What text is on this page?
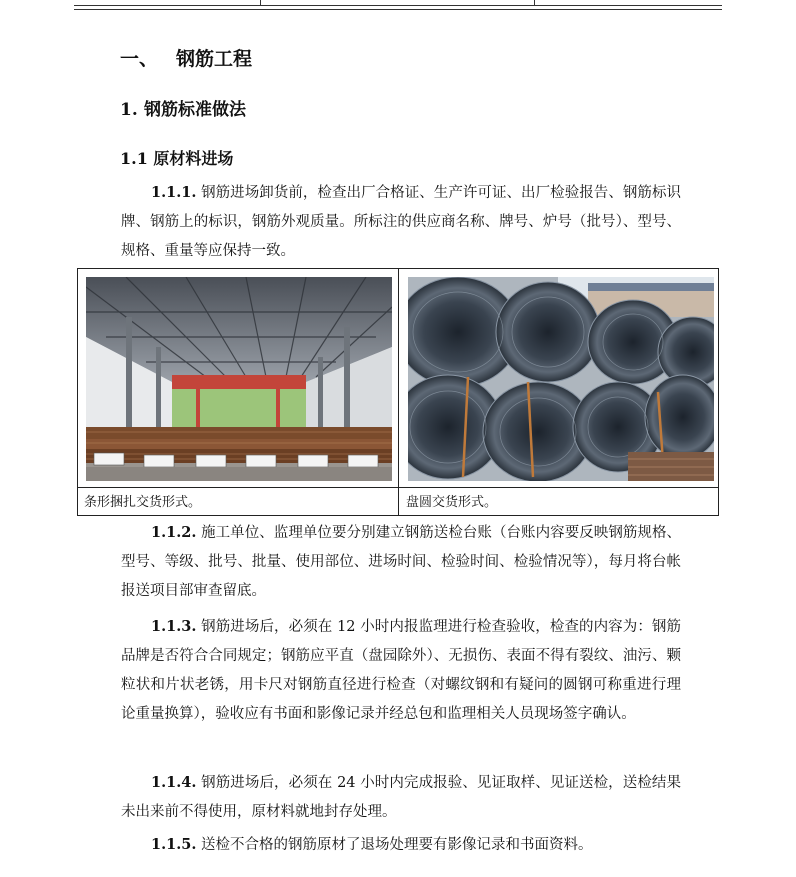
一、 钢筋工程
1. 钢筋标准做法
1.1 原材料进场
1.1.1. 钢筋进场卸货前，检查出厂合格证、生产许可证、出厂检验报告、钢筋标识牌、钢筋上的标识，钢筋外观质量。所标注的供应商名称、牌号、炉号（批号）、型号、规格、重量等应保持一致。
条形捆扎交货形式。	盘圆交货形式。
1.1.2. 施工单位、监理单位要分别建立钢筋送检台账（台账内容要反映钢筋规格、型号、等级、批号、批量、使用部位、进场时间、检验时间、检验情况等），每月将台帐报送项目部审查留底。
1.1.3. 钢筋进场后，必须在 12 小时内报监理进行检查验收，检查的内容为：钢筋品牌是否符合合同规定；钢筋应平直（盘园除外）、无损伤、表面不得有裂纹、油污、颗粒状和片状老锈，用卡尺对钢筋直径进行检查（对螺纹钢和有疑问的圆钢可称重进行理论重量换算），验收应有书面和影像记录并经总包和监理相关人员现场签字确认。
1.1.4. 钢筋进场后，必须在 24 小时内完成报验、见证取样、见证送检，送检结果未出来前不得使用，原材料就地封存处理。
1.1.5. 送检不合格的钢筋原材了退场处理要有影像记录和书面资料。
